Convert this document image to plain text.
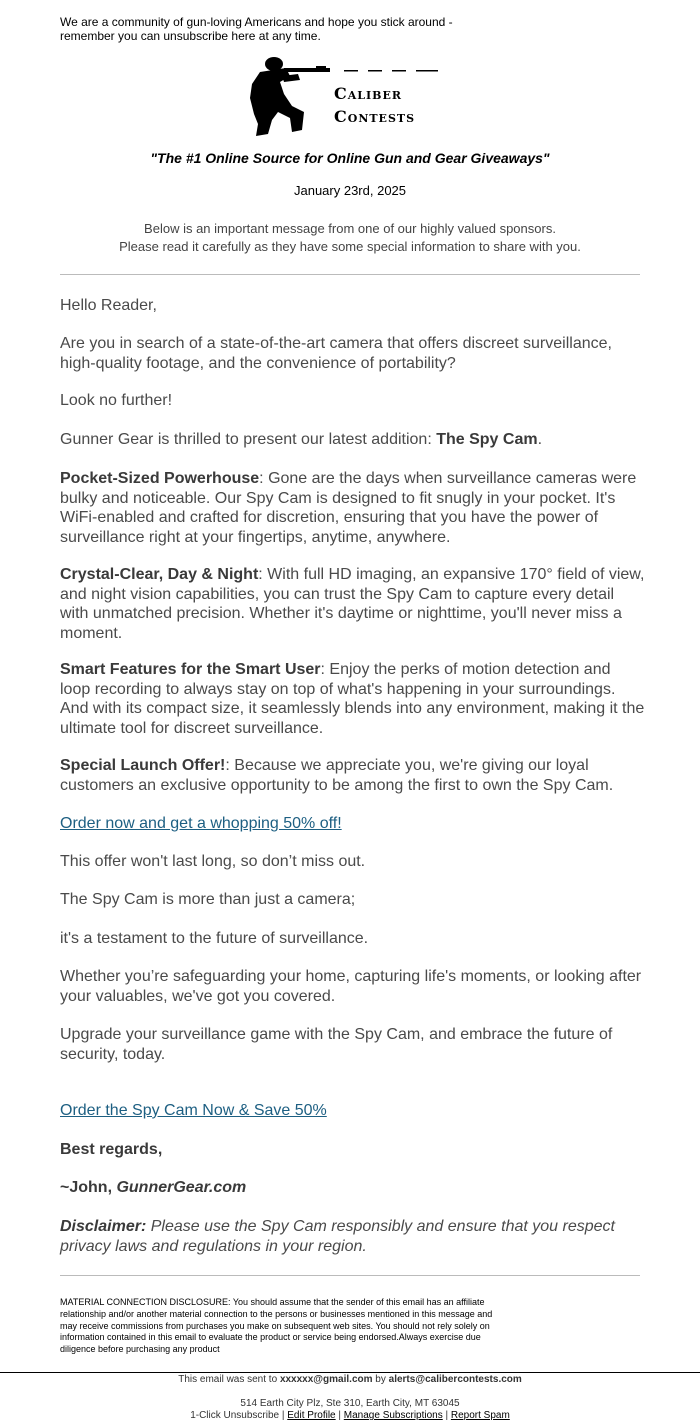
We are a community of gun-loving Americans and hope you stick around - remember you can unsubscribe here at any time.
Caliber
Contests
"The #1 Online Source for Online Gun and Gear Giveaways"
January 23rd, 2025
Below is an important message from one of our highly valued sponsors.
Please read it carefully as they have some special information to share with you.

Hello Reader,

Are you in search of a state-of-the-art camera that offers discreet surveillance, high-quality footage, and the convenience of portability?

Look no further!

Gunner Gear is thrilled to present our latest addition: The Spy Cam.

Pocket-Sized Powerhouse: Gone are the days when surveillance cameras were bulky and noticeable. Our Spy Cam is designed to fit snugly in your pocket. It's WiFi-enabled and crafted for discretion, ensuring that you have the power of surveillance right at your fingertips, anytime, anywhere.

Crystal-Clear, Day & Night: With full HD imaging, an expansive 170° field of view, and night vision capabilities, you can trust the Spy Cam to capture every detail with unmatched precision. Whether it's daytime or nighttime, you'll never miss a moment.

Smart Features for the Smart User: Enjoy the perks of motion detection and loop recording to always stay on top of what's happening in your surroundings. And with its compact size, it seamlessly blends into any environment, making it the ultimate tool for discreet surveillance.

Special Launch Offer!: Because we appreciate you, we're giving our loyal customers an exclusive opportunity to be among the first to own the Spy Cam.

Order now and get a whopping 50% off!

This offer won't last long, so don’t miss out.

The Spy Cam is more than just a camera;

it's a testament to the future of surveillance.

Whether you’re safeguarding your home, capturing life's moments, or looking after your valuables, we've got you covered.

Upgrade your surveillance game with the Spy Cam, and embrace the future of security, today.

Order the Spy Cam Now & Save 50%

Best regards,

~John, GunnerGear.com

Disclaimer: Please use the Spy Cam responsibly and ensure that you respect privacy laws and regulations in your region.

MATERIAL CONNECTION DISCLOSURE: You should assume that the sender of this email has an affiliate relationship and/or another material connection to the persons or businesses mentioned in this message and may receive commissions from purchases you make on subsequent web sites. You should not rely solely on information contained in this email to evaluate the product or service being endorsed.Always exercise due diligence before purchasing any product
This email was sent to xxxxxx@gmail.com by alerts@calibercontests.com
514 Earth City Plz, Ste 310, Earth City, MT 63045
1-Click Unsubscribe | Edit Profile | Manage Subscriptions | Report Spam
